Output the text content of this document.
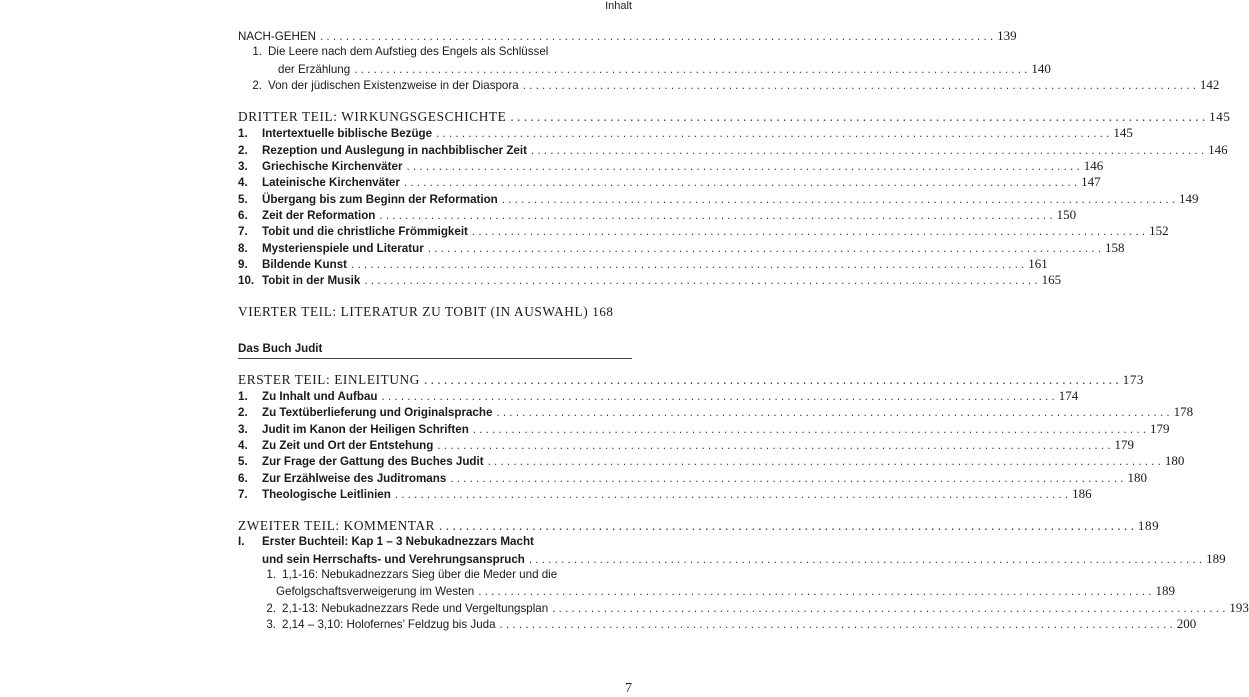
Inhalt
NACH-GEHEN . . .	139
1. Die Leere nach dem Aufstieg des Engels als Schlüssel
der Erzählung . . .	140
2. Von der jüdischen Existenzweise in der Diaspora . . .	142
DRITTER TEIL: WIRKUNGSGESCHICHTE . . .	145
1.	Intertextuelle biblische Bezüge . . .	145
2.	Rezeption und Auslegung in nachbiblischer Zeit . . .	146
3.	Griechische Kirchenväter . . .	146
4.	Lateinische Kirchenväter . . .	147
5.	Übergang bis zum Beginn der Reformation . . .	149
6.	Zeit der Reformation . . .	150
7.	Tobit und die christliche Frömmigkeit . . .	152
8.	Mysterienspiele und Literatur . . .	158
9.	Bildende Kunst . . .	161
10. Tobit in der Musik . . .	165
VIERTER TEIL: LITERATUR ZU TOBIT (IN AUSWAHL) 168
Das Buch Judit
ERSTER TEIL: EINLEITUNG . . .	173
1.	Zu Inhalt und Aufbau . . .	174
2.	Zu Textüberlieferung und Originalsprache . . .	178
3.	Judit im Kanon der Heiligen Schriften . . .	179
4.	Zu Zeit und Ort der Entstehung . . .	179
5.	Zur Frage der Gattung des Buches Judit . . .	180
6.	Zur Erzählweise des Juditromans . . .	180
7.	Theologische Leitlinien . . .	186
ZWEITER TEIL: KOMMENTAR . . .	189
I.	Erster Buchteil: Kap 1 – 3 Nebukadnezzars Macht
und sein Herrschafts- und Verehrungsanspruch . . .	189
1. 1,1-16: Nebukadnezzars Sieg über die Meder und die
Gefolgschaftsverweigerung im Westen . . .	189
2. 2,1-13: Nebukadnezzars Rede und Vergeltungsplan . . .	193
3. 2,14 – 3,10: Holofernes’ Feldzug bis Juda . . .	200
7
